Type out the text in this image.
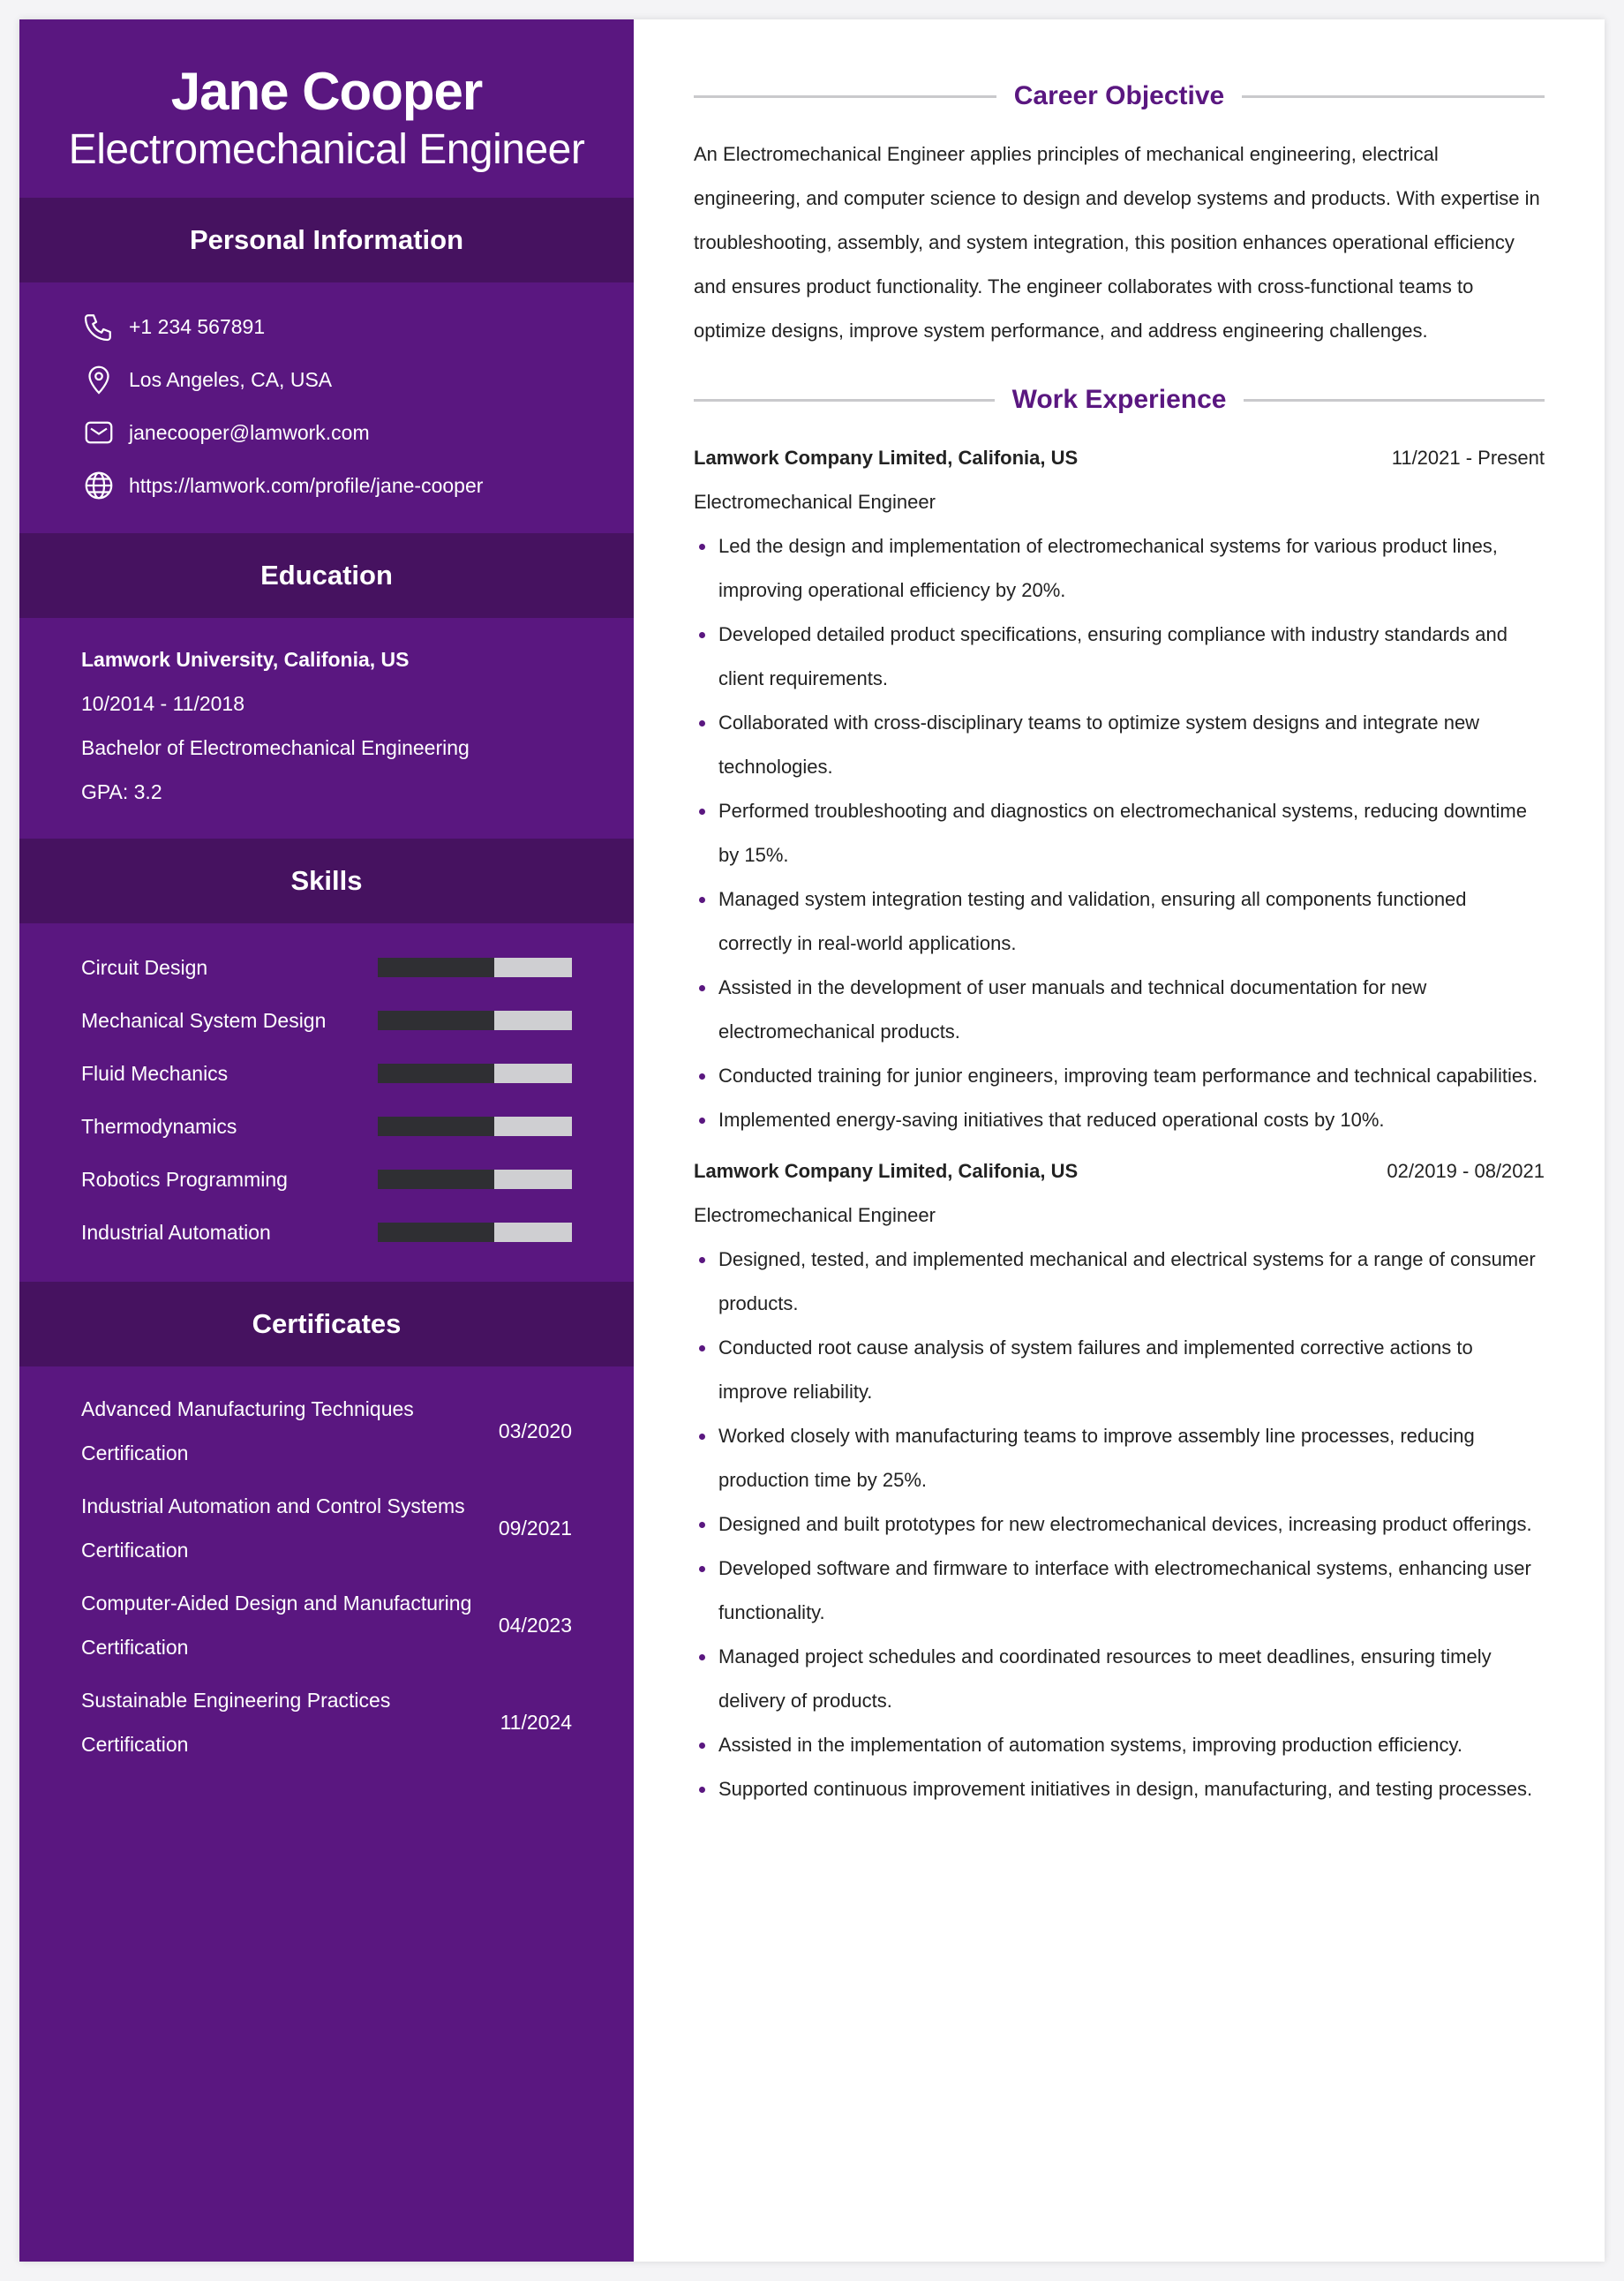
Jane Cooper
Electromechanical Engineer
Personal Information
+1 234 567891
Los Angeles, CA, USA
janecooper@lamwork.com
https://lamwork.com/profile/jane-cooper
Education
Lamwork University, Califonia, US
10/2014 - 11/2018
Bachelor of Electromechanical Engineering
GPA: 3.2
Skills
Circuit Design
Mechanical System Design
Fluid Mechanics
Thermodynamics
Robotics Programming
Industrial Automation
Certificates
Advanced Manufacturing Techniques Certification
03/2020
Industrial Automation and Control Systems Certification
09/2021
Computer-Aided Design and Manufacturing Certification
04/2023
Sustainable Engineering Practices Certification
11/2024
Career Objective

An Electromechanical Engineer applies principles of mechanical engineering, electrical engineering, and computer science to design and develop systems and products. With expertise in troubleshooting, assembly, and system integration, this position enhances operational efficiency and ensures product functionality. The engineer collaborates with cross-functional teams to optimize designs, improve system performance, and address engineering challenges.

Work Experience
Lamwork Company Limited, Califonia, US	11/2021 - Present
Electromechanical Engineer
Led the design and implementation of electromechanical systems for various product lines, improving operational efficiency by 20%.
Developed detailed product specifications, ensuring compliance with industry standards and client requirements.
Collaborated with cross-disciplinary teams to optimize system designs and integrate new technologies.
Performed troubleshooting and diagnostics on electromechanical systems, reducing downtime by 15%.
Managed system integration testing and validation, ensuring all components functioned correctly in real-world applications.
Assisted in the development of user manuals and technical documentation for new electromechanical products.
Conducted training for junior engineers, improving team performance and technical capabilities.
Implemented energy-saving initiatives that reduced operational costs by 10%.
Lamwork Company Limited, Califonia, US	02/2019 - 08/2021
Electromechanical Engineer
Designed, tested, and implemented mechanical and electrical systems for a range of consumer products.
Conducted root cause analysis of system failures and implemented corrective actions to improve reliability.
Worked closely with manufacturing teams to improve assembly line processes, reducing production time by 25%.
Designed and built prototypes for new electromechanical devices, increasing product offerings.
Developed software and firmware to interface with electromechanical systems, enhancing user functionality.
Managed project schedules and coordinated resources to meet deadlines, ensuring timely delivery of products.
Assisted in the implementation of automation systems, improving production efficiency.
Supported continuous improvement initiatives in design, manufacturing, and testing processes.
